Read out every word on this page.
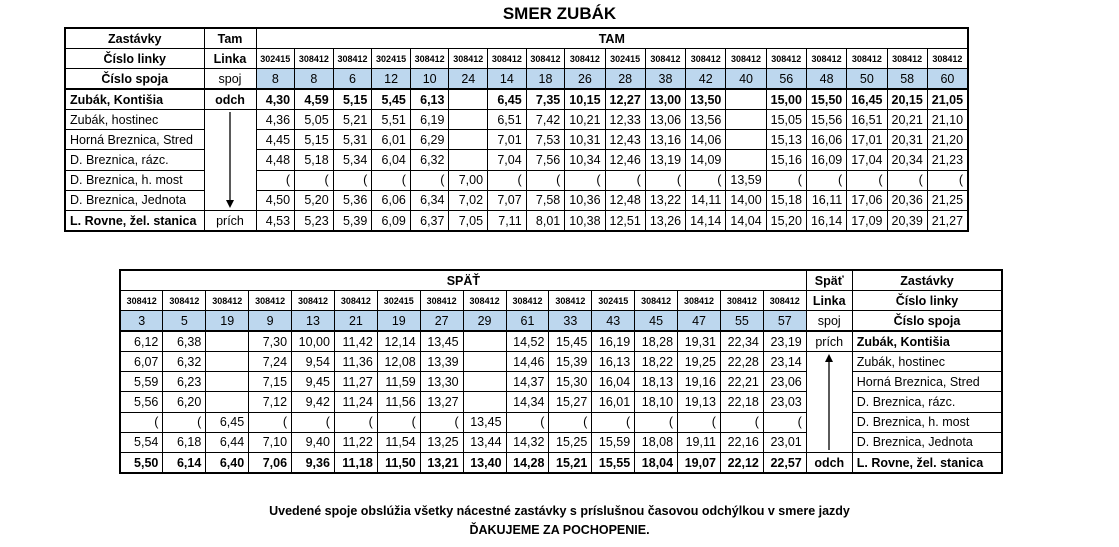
SMER ZUBÁK
Zastávky	Tam	TAM																	
Číslo linky	Linka	302415	308412	308412	302415	308412	308412	308412	308412	308412	302415	308412	308412	308412	308412	308412	308412	308412	308412
Číslo spoja	spoj	8	8	6	12	10	24	14	18	26	28	38	42	40	56	48	50	58	60
Zubák, Kontišia	odch	4,30	4,59	5,15	5,45	6,13		6,45	7,35	10,15	12,27	13,00	13,50		15,00	15,50	16,45	20,15	21,05
Zubák, hostinec		4,36	5,05	5,21	5,51	6,19		6,51	7,42	10,21	12,33	13,06	13,56		15,05	15,56	16,51	20,21	21,10
Horná Breznica, Stred		4,45	5,15	5,31	6,01	6,29		7,01	7,53	10,31	12,43	13,16	14,06		15,13	16,06	17,01	20,31	21,20
D. Breznica, rázc.		4,48	5,18	5,34	6,04	6,32		7,04	7,56	10,34	12,46	13,19	14,09		15,16	16,09	17,04	20,34	21,23
D. Breznica, h. most		(	(	(	(	(	7,00	(	(	(	(	(	(	13,59	(	(	(	(	(
D. Breznica, Jednota		4,50	5,20	5,36	6,06	6,34	7,02	7,07	7,58	10,36	12,48	13,22	14,11	14,00	15,18	16,11	17,06	20,36	21,25
L. Rovne, žel. stanica	prích	4,53	5,23	5,39	6,09	6,37	7,05	7,11	8,01	10,38	12,51	13,26	14,14	14,04	15,20	16,14	17,09	20,39	21,27
SPÄŤ																Späť	Zastávky
308412	308412	308412	308412	308412	308412	302415	308412	308412	308412	308412	302415	308412	308412	308412	308412	Linka	Číslo linky
3	5	19	9	13	21	19	27	29	61	33	43	45	47	55	57	spoj	Číslo spoja
6,12	6,38		7,30	10,00	11,42	12,14	13,45		14,52	15,45	16,19	18,28	19,31	22,34	23,19	prích	Zubák, Kontišia
6,07	6,32		7,24	9,54	11,36	12,08	13,39		14,46	15,39	16,13	18,22	19,25	22,28	23,14		Zubák, hostinec
5,59	6,23		7,15	9,45	11,27	11,59	13,30		14,37	15,30	16,04	18,13	19,16	22,21	23,06		Horná Breznica, Stred
5,56	6,20		7,12	9,42	11,24	11,56	13,27		14,34	15,27	16,01	18,10	19,13	22,18	23,03		D. Breznica, rázc.
(	(	6,45	(	(	(	(	(	13,45	(	(	(	(	(	(	(		D. Breznica, h. most
5,54	6,18	6,44	7,10	9,40	11,22	11,54	13,25	13,44	14,32	15,25	15,59	18,08	19,11	22,16	23,01		D. Breznica, Jednota
5,50	6,14	6,40	7,06	9,36	11,18	11,50	13,21	13,40	14,28	15,21	15,55	18,04	19,07	22,12	22,57	odch	L. Rovne, žel. stanica
Uvedené spoje obslúžia všetky nácestné zastávky s príslušnou časovou odchýlkou v smere jazdy
ĎAKUJEME ZA POCHOPENIE.
